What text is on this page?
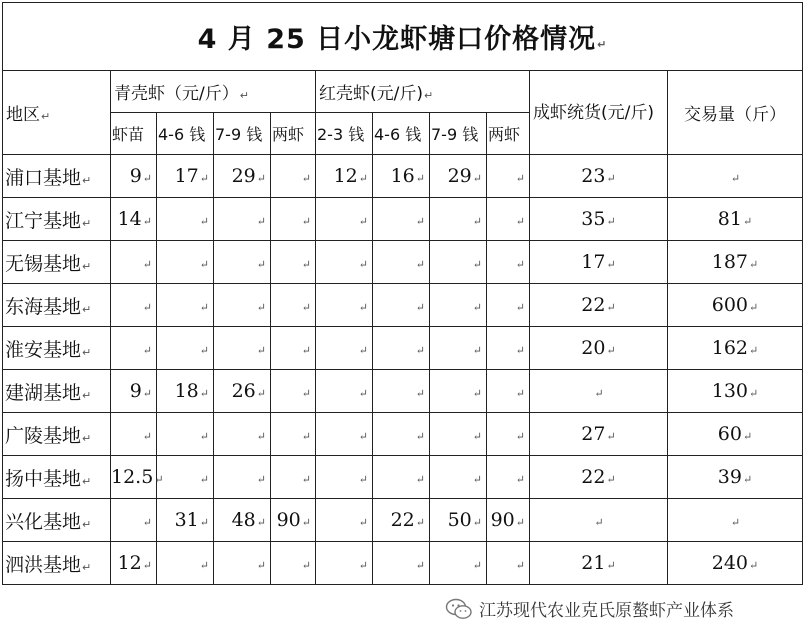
4 月 25 日小龙虾塘口价格情况↵										
地区↵	青壳虾（元/斤）↵				红壳虾(元/斤)↵				成虾统货(元/斤)	交易量（斤）
	虾苗	4-6 钱	7-9 钱	两虾	2-3 钱	4-6 钱	7-9 钱	两虾		
浦口基地↵	9↵	17↵	29↵	↵	12↵	16↵	29↵	↵	23↵	↵
江宁基地↵	14↵	↵	↵	↵	↵	↵	↵	↵	35↵	81↵
无锡基地↵	↵	↵	↵	↵	↵	↵	↵	↵	17↵	187↵
东海基地↵	↵	↵	↵	↵	↵	↵	↵	↵	22↵	600↵
淮安基地↵	↵	↵	↵	↵	↵	↵	↵	↵	20↵	162↵
建湖基地↵	9↵	18↵	26↵	↵	↵	↵	↵	↵	↵	130↵
广陵基地↵	↵	↵	↵	↵	↵	↵	↵	↵	27↵	60↵
扬中基地↵	12.5↵	↵	↵	↵	↵	↵	↵	↵	22↵	39↵
兴化基地↵	↵	31↵	48↵	90↵	↵	22↵	50↵	90↵	↵	↵
泗洪基地↵	12↵	↵	↵	↵	↵	↵	↵	↵	21↵	240↵
江苏现代农业克氏原螯虾产业体系
